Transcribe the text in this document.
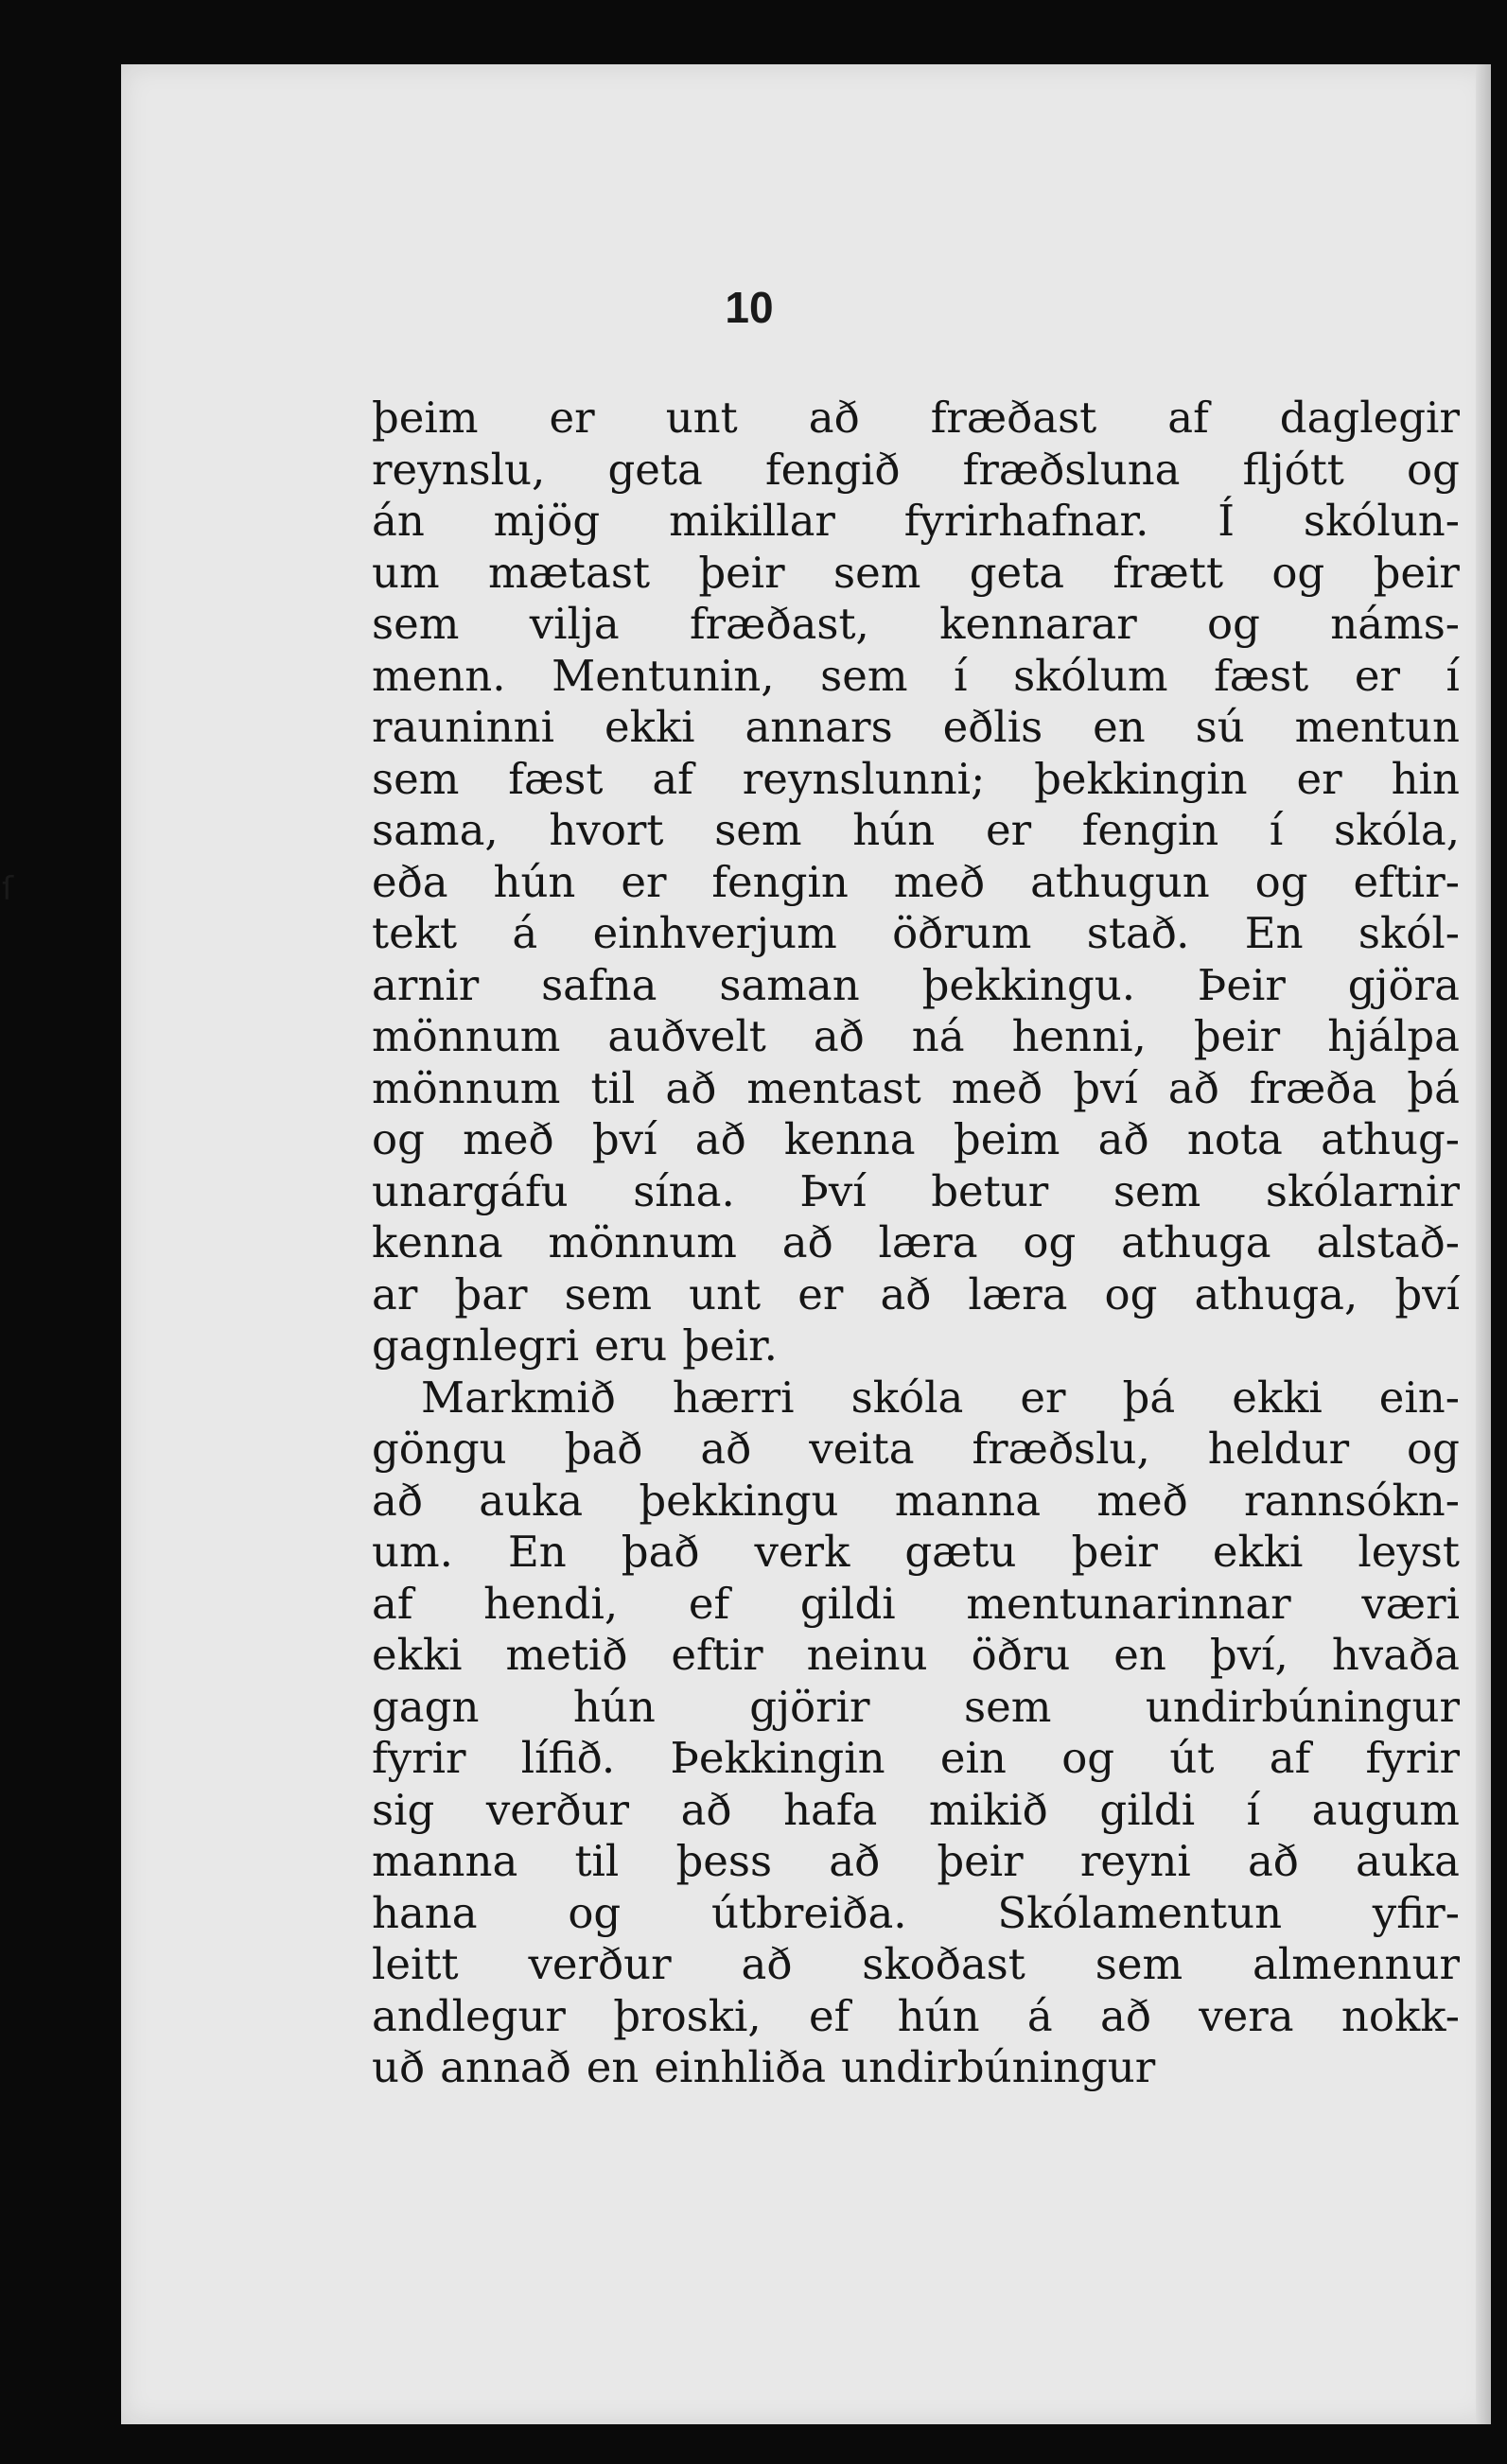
10
þeim er unt að fræðast af daglegir
reynslu, geta fengið fræðsluna fljótt og
án mjög mikillar fyrirhafnar. Í skólun-
um mætast þeir sem geta frætt og þeir
sem vilja fræðast, kennarar og náms-
menn. Mentunin, sem í skólum fæst er í
rauninni ekki annars eðlis en sú mentun
sem fæst af reynslunni; þekkingin er hin
sama, hvort sem hún er fengin í skóla,
eða hún er fengin með athugun og eftir-
tekt á einhverjum öðrum stað. En skól-
arnir safna saman þekkingu. Þeir gjöra
mönnum auðvelt að ná henni, þeir hjálpa
mönnum til að mentast með því að fræða þá
og með því að kenna þeim að nota athug-
unargáfu sína. Því betur sem skólarnir
kenna mönnum að læra og athuga alstað-
ar þar sem unt er að læra og athuga, því
gagnlegri eru þeir.
Markmið hærri skóla er þá ekki ein-
göngu það að veita fræðslu, heldur og
að auka þekkingu manna með rannsókn-
um. En það verk gætu þeir ekki leyst
af hendi, ef gildi mentunarinnar væri
ekki metið eftir neinu öðru en því, hvaða
gagn hún gjörir sem undirbúningur
fyrir lífið. Þekkingin ein og út af fyrir
sig verður að hafa mikið gildi í augum
manna til þess að þeir reyni að auka
hana og útbreiða. Skólamentun yfir-
leitt verður að skoðast sem almennur
andlegur þroski, ef hún á að vera nokk-
uð annað en einhliða undirbúningur
ſ
